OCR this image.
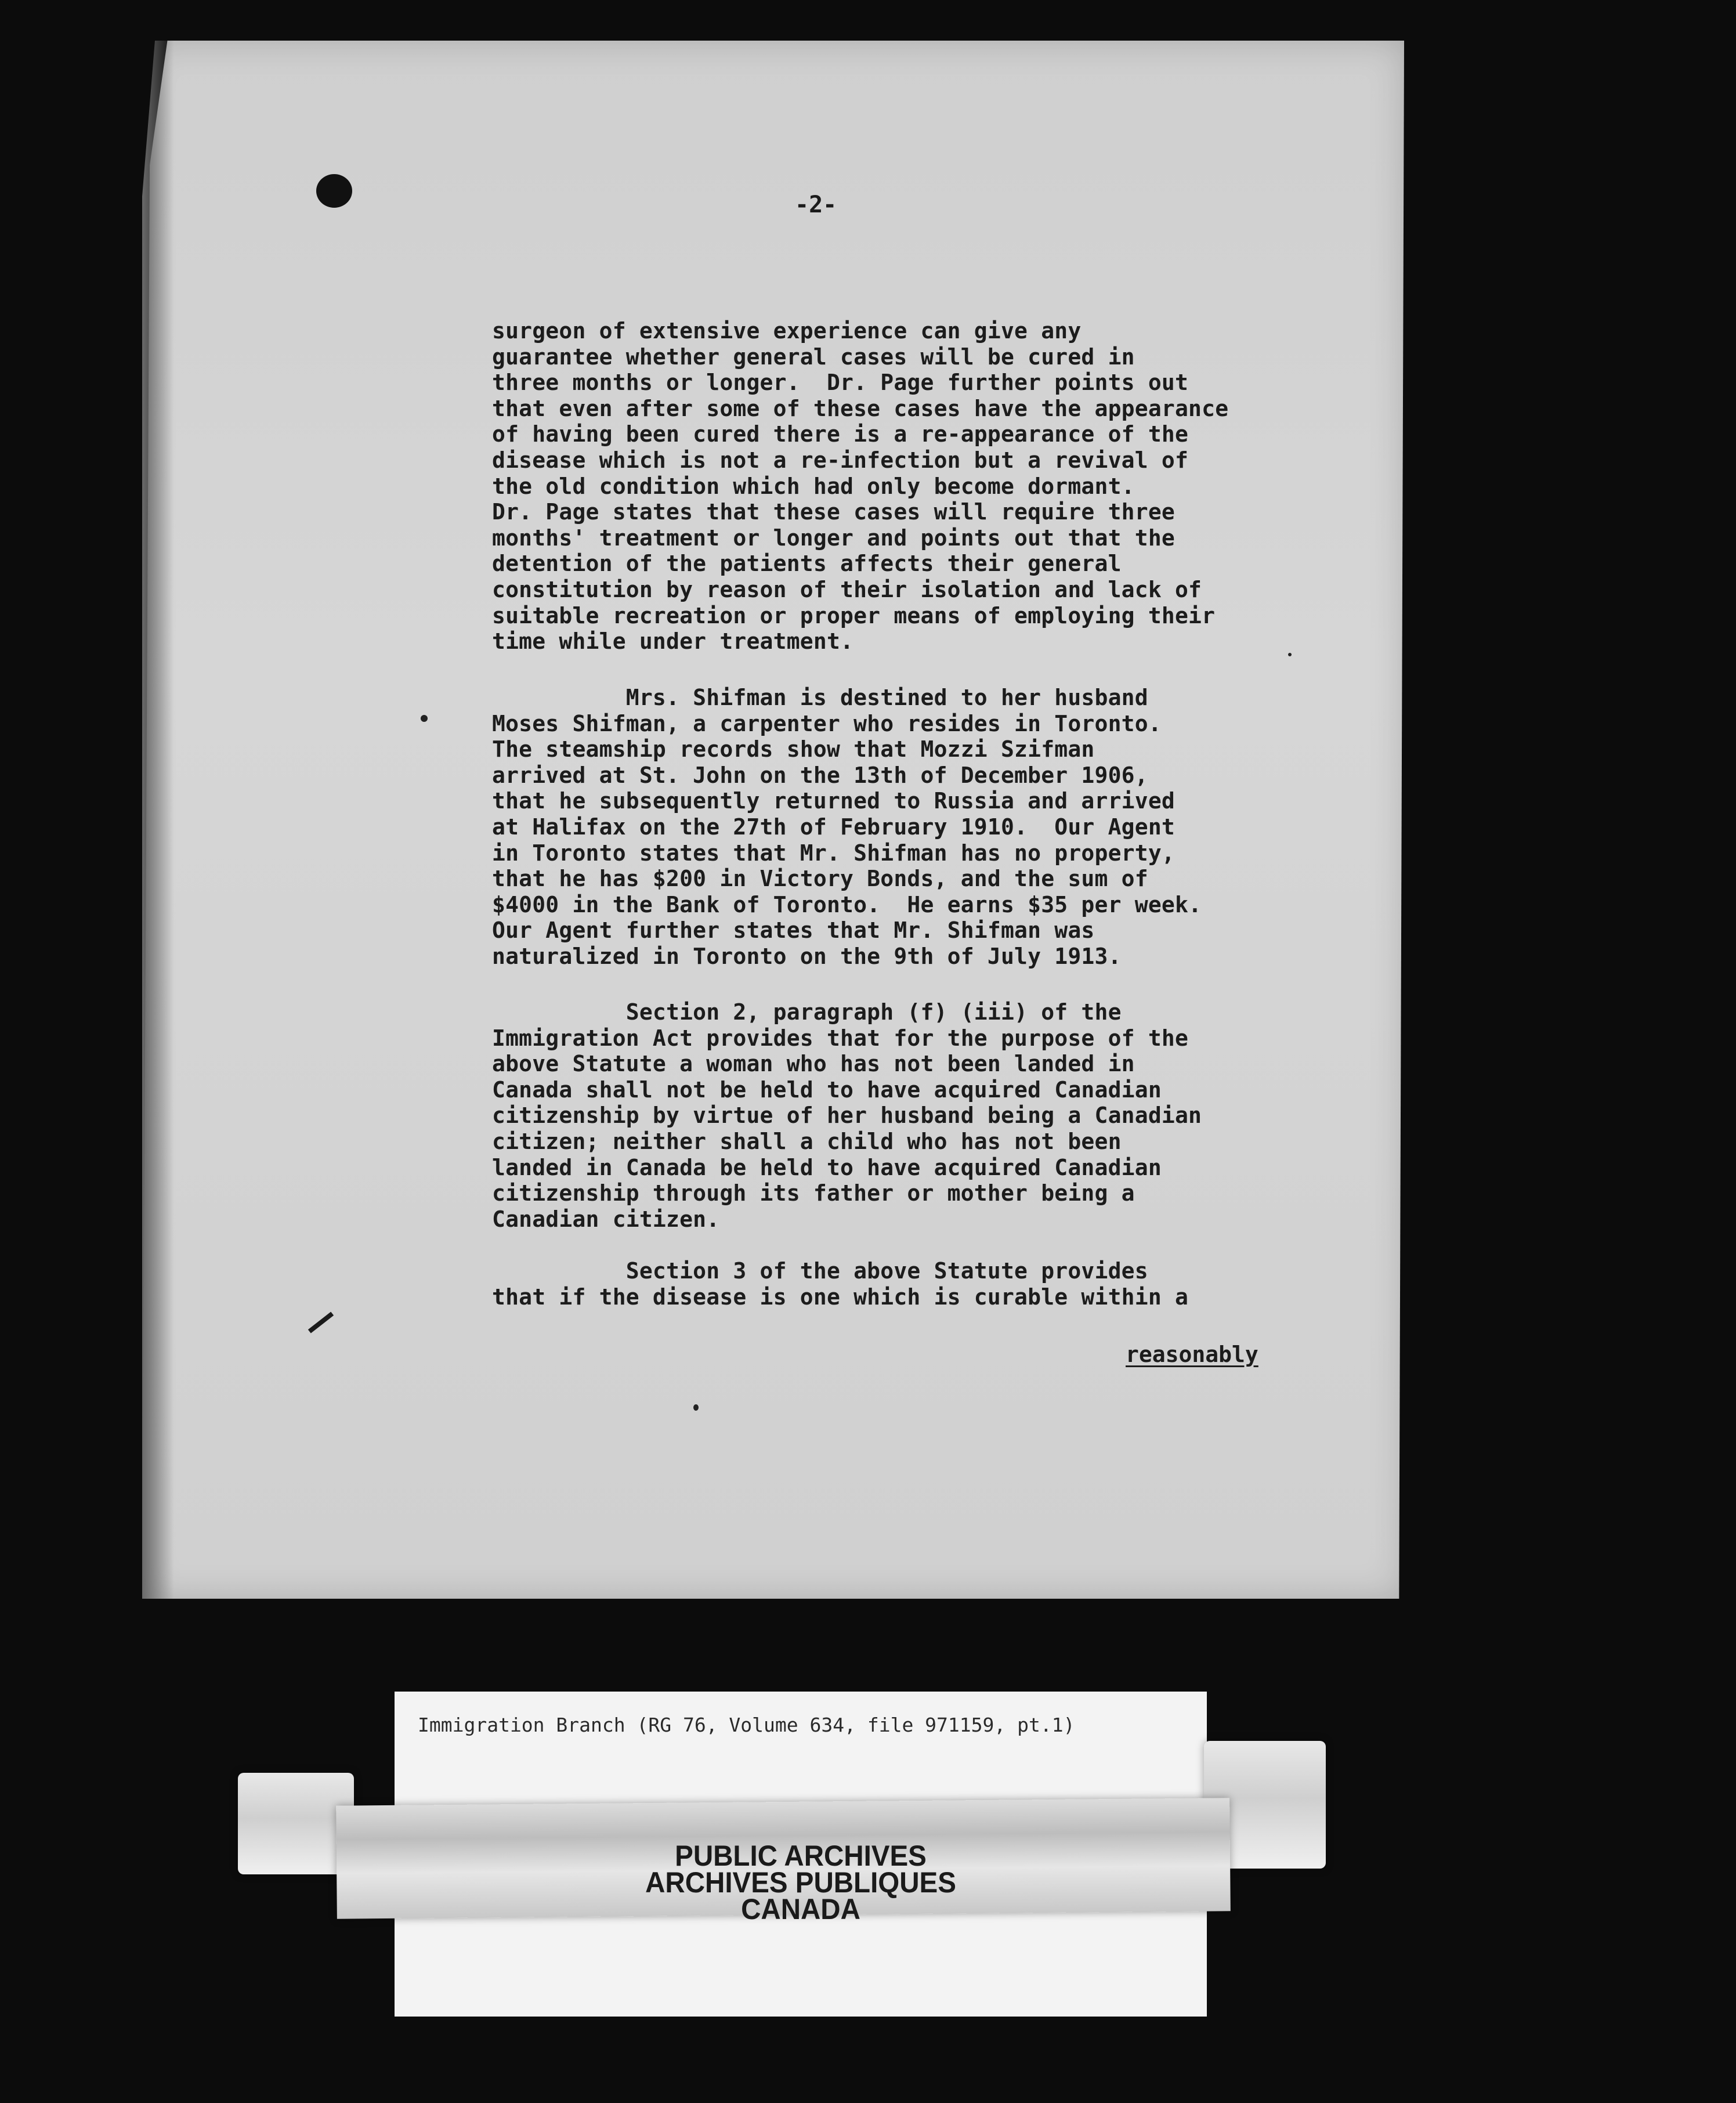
-2-
surgeon of extensive experience can give any
guarantee whether general cases will be cured in
three months or longer.  Dr. Page further points out
that even after some of these cases have the appearance
of having been cured there is a re-appearance of the
disease which is not a re-infection but a revival of
the old condition which had only become dormant.
Dr. Page states that these cases will require three
months' treatment or longer and points out that the
detention of the patients affects their general
constitution by reason of their isolation and lack of
suitable recreation or proper means of employing their
time while under treatment.
Mrs. Shifman is destined to her husband
Moses Shifman, a carpenter who resides in Toronto.
The steamship records show that Mozzi Szifman
arrived at St. John on the 13th of December 1906,
that he subsequently returned to Russia and arrived
at Halifax on the 27th of February 1910.  Our Agent
in Toronto states that Mr. Shifman has no property,
that he has $200 in Victory Bonds, and the sum of
$4000 in the Bank of Toronto.  He earns $35 per week.
Our Agent further states that Mr. Shifman was
naturalized in Toronto on the 9th of July 1913.
Section 2, paragraph (f) (iii) of the
Immigration Act provides that for the purpose of the
above Statute a woman who has not been landed in
Canada shall not be held to have acquired Canadian
citizenship by virtue of her husband being a Canadian
citizen; neither shall a child who has not been
landed in Canada be held to have acquired Canadian
citizenship through its father or mother being a
Canadian citizen.
Section 3 of the above Statute provides
that if the disease is one which is curable within a
reasonably
Immigration Branch (RG 76, Volume 634, file 971159, pt.1)
PUBLIC ARCHIVES
ARCHIVES PUBLIQUES
CANADA
